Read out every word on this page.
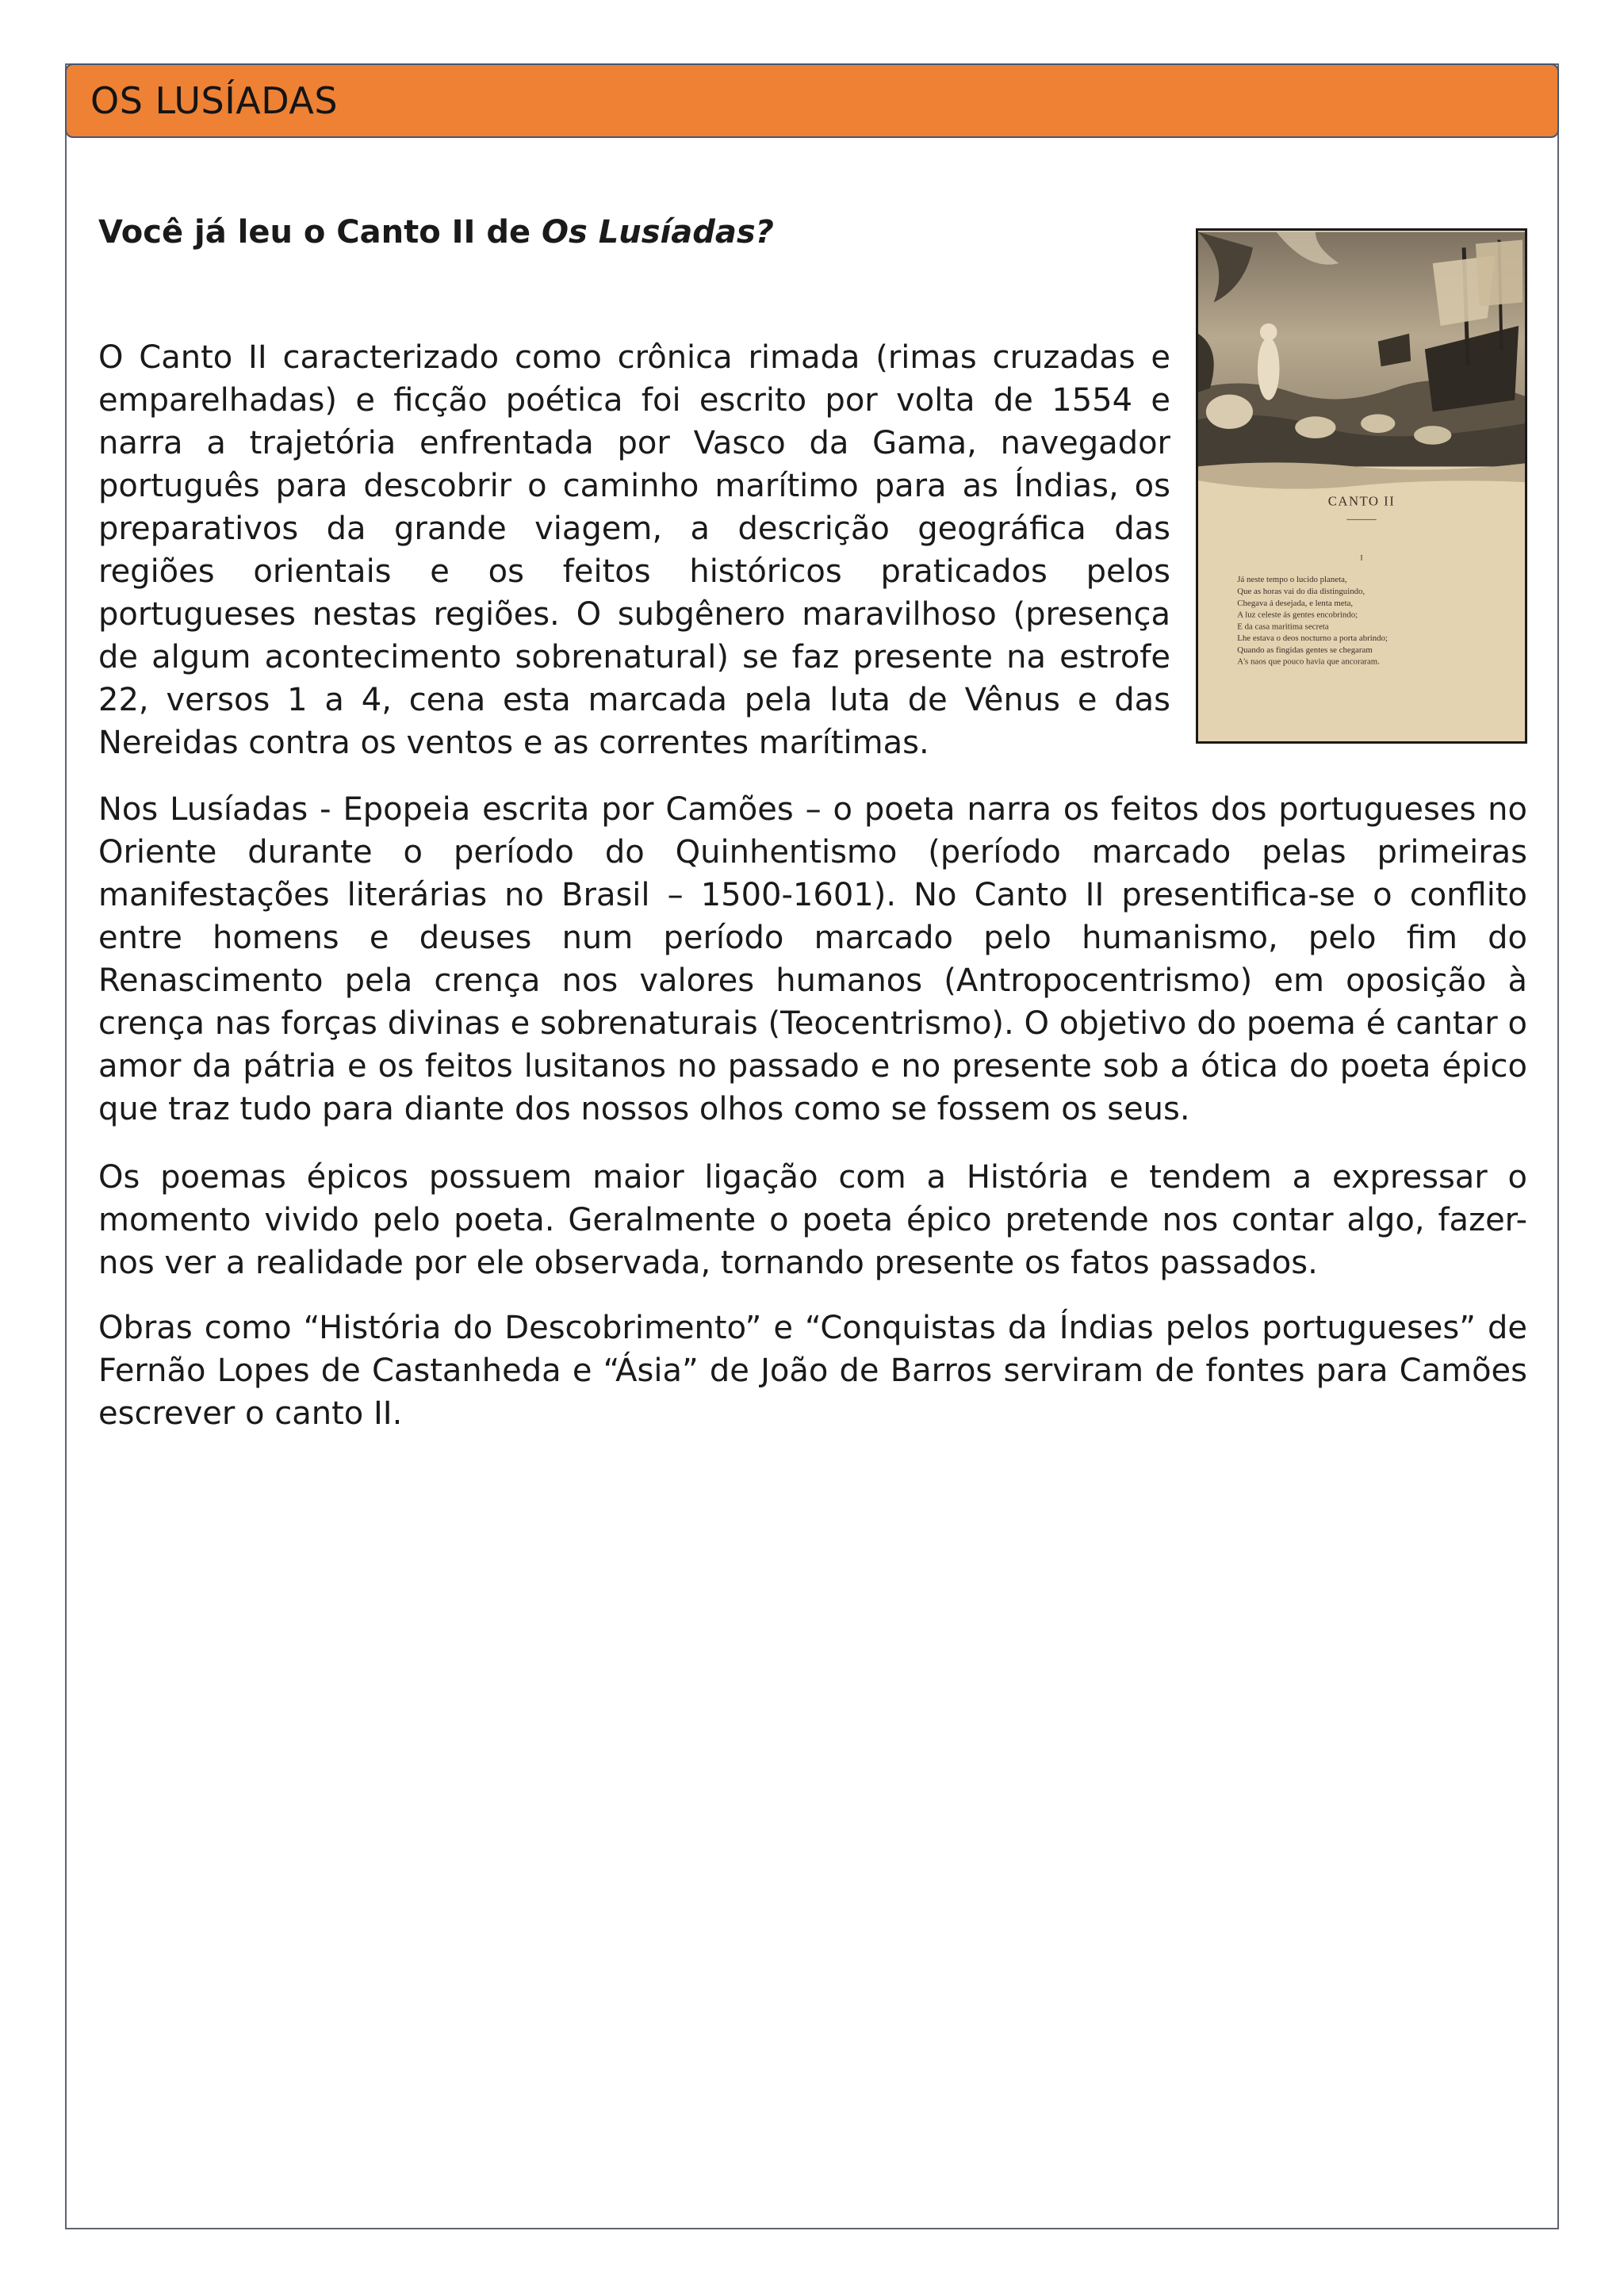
OS LUSÍADAS

Você já leu o Canto II de Os Lusíadas?

CANTO II
I
Já neste tempo o lucido planeta,
Que as horas vai do dia distinguindo,
Chegava á desejada, e lenta meta,
A luz celeste ás gentes encobrindo;
E da casa maritima secreta
Lhe estava o deos nocturno a porta abrindo;
Quando as fingidas gentes se chegaram
A's naos que pouco havia que ancoraram.

O Canto II caracterizado como crônica rimada (rimas cruzadas e emparelhadas) e ficção poética foi escrito por volta de 1554 e narra a trajetória enfrentada por Vasco da Gama, navegador português para descobrir o caminho marítimo para as Índias, os preparativos da grande viagem, a descrição geográfica das regiões orientais e os feitos históricos praticados pelos portugueses nestas regiões. O subgênero maravilhoso (presença de algum acontecimento sobrenatural) se faz presente na estrofe 22, versos 1 a 4, cena esta marcada pela luta de Vênus e das Nereidas contra os ventos e as correntes marítimas.

Nos Lusíadas - Epopeia escrita por Camões – o poeta narra os feitos dos portugueses no Oriente durante o período do Quinhentismo (período marcado pelas primeiras manifestações literárias no Brasil – 1500-1601). No Canto II presentifica-se o conflito entre homens e deuses num período marcado pelo humanismo, pelo fim do Renascimento pela crença nos valores humanos (Antropocentrismo) em oposição à crença nas forças divinas e sobrenaturais (Teocentrismo). O objetivo do poema é cantar o amor da pátria e os feitos lusitanos no passado e no presente sob a ótica do poeta épico que traz tudo para diante dos nossos olhos como se fossem os seus.

Os poemas épicos possuem maior ligação com a História e tendem a expressar o momento vivido pelo poeta. Geralmente o poeta épico pretende nos contar algo, fazer-nos ver a realidade por ele observada, tornando presente os fatos passados.

Obras como “História do Descobrimento” e “Conquistas da Índias pelos portugueses” de Fernão Lopes de Castanheda e “Ásia” de João de Barros serviram de fontes para Camões escrever o canto II.
